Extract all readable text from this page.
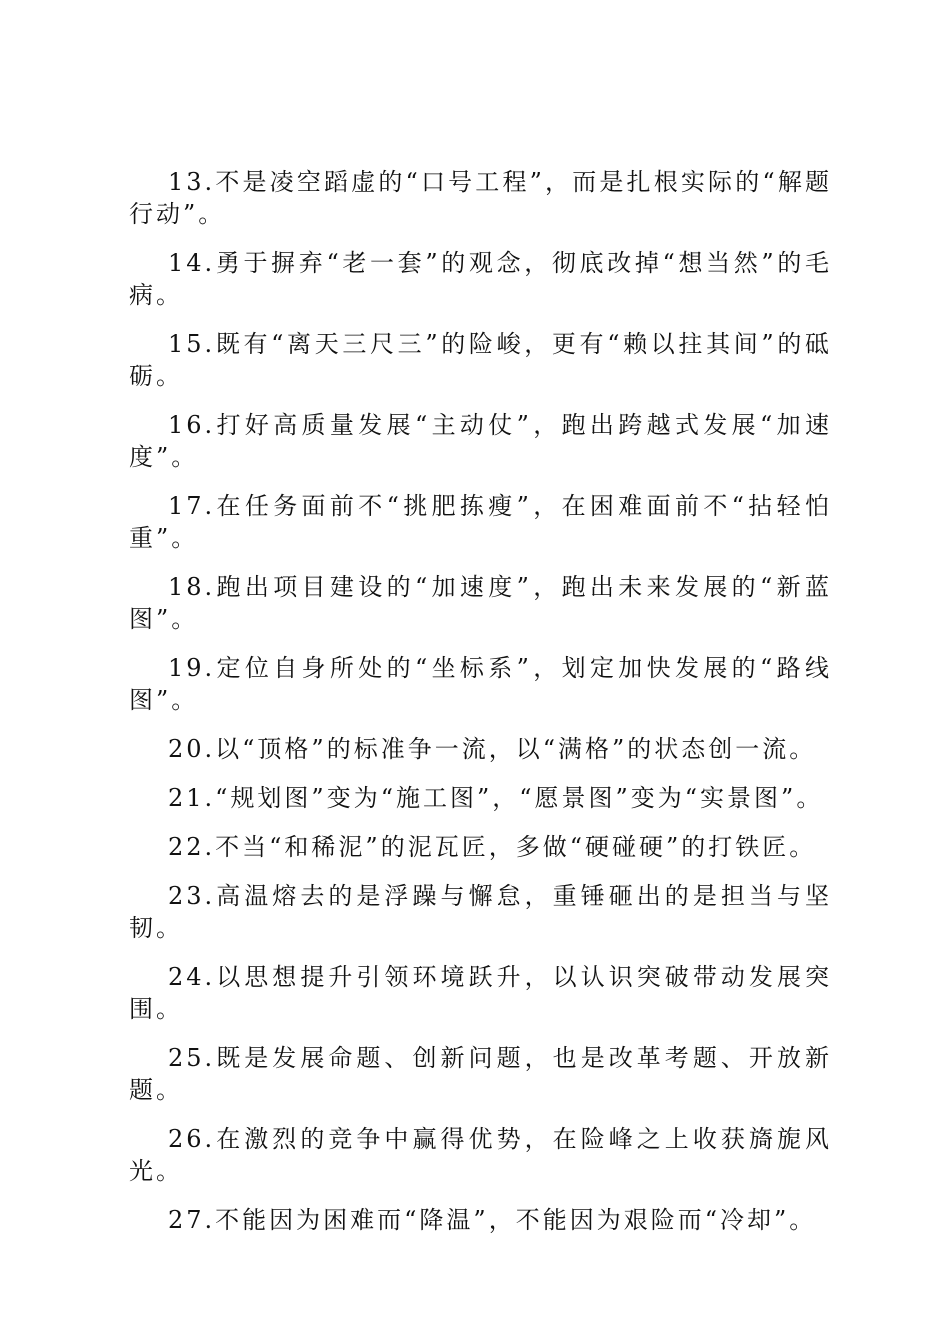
13.不是凌空蹈虚的“口号工程”，而是扎根实际的“解题行动”。

14.勇于摒弃“老一套”的观念，彻底改掉“想当然”的毛病。

15.既有“离天三尺三”的险峻，更有“赖以拄其间”的砥砺。

16.打好高质量发展“主动仗”，跑出跨越式发展“加速度”。

17.在任务面前不“挑肥拣瘦”，在困难面前不“拈轻怕重”。

18.跑出项目建设的“加速度”，跑出未来发展的“新蓝图”。

19.定位自身所处的“坐标系”，划定加快发展的“路线图”。

20.以“顶格”的标准争一流，以“满格”的状态创一流。

21.“规划图”变为“施工图”，“愿景图”变为“实景图”。

22.不当“和稀泥”的泥瓦匠，多做“硬碰硬”的打铁匠。

23.高温熔去的是浮躁与懈怠，重锤砸出的是担当与坚韧。

24.以思想提升引领环境跃升，以认识突破带动发展突围。

25.既是发展命题、创新问题，也是改革考题、开放新题。

26.在激烈的竞争中赢得优势，在险峰之上收获旖旎风光。

27.不能因为困难而“降温”，不能因为艰险而“冷却”。
